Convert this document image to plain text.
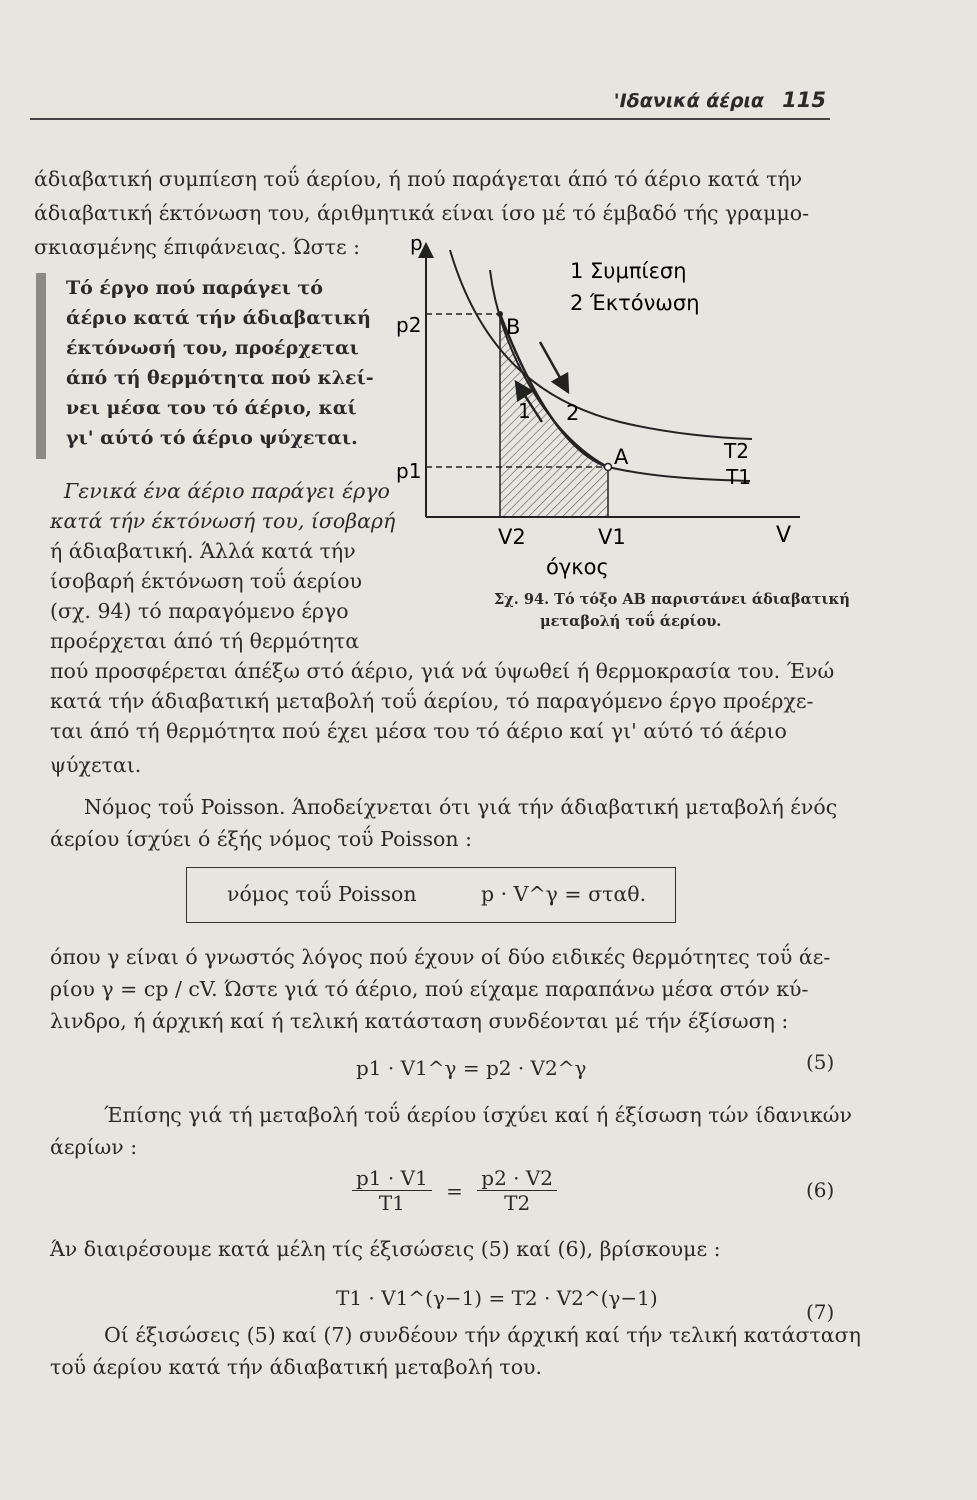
'Ιδανικά άέρια 115

άδιαβατική συμπίεση τοΰ άερίου, ή πού παράγεται άπό τό άέριο κατά τήν

άδιαβατική έκτόνωση του, άριθμητικά είναι ίσο μέ τό έμβαδό τής γραμμο-

σκιασμένης έπιφάνειας. Ώστε :

Τό έργο πού παράγει τό

άέριο κατά τήν άδιαβατική

έκτόνωσή του, προέρχεται

άπό τή θερμότητα πού κλεί-

νει μέσα του τό άέριο, καί

γι' αύτό τό άέριο ψύχεται.

Γενικά ένα άέριο παράγει έργο

κατά τήν έκτόνωσή του, ίσοβαρή

ή άδιαβατική. Άλλά κατά τήν

ίσοβαρή έκτόνωση τοΰ άερίου

(σχ. 94) τό παραγόμενο έργο

προέρχεται άπό τή θερμότητα

p
1 Συμπίεση
2 Έκτόνωση
B
p2
p1
1 2
T2
A
T1
V2	V1	V
όγκος

Σχ. 94. Τό τόξο ΑΒ παριστάνει άδιαβατική

μεταβολή τοΰ άερίου.

πού προσφέρεται άπέξω στό άέριο, γιά νά ύψωθεί ή θερμοκρασία του. Ένώ

κατά τήν άδιαβατική μεταβολή τοΰ άερίου, τό παραγόμενο έργο προέρχε-

ται άπό τή θερμότητα πού έχει μέσα του τό άέριο καί γι' αύτό τό άέριο

ψύχεται.

Νόμος τοΰ Poisson. Άποδείχνεται ότι γιά τήν άδιαβατική μεταβολή ένός

άερίου ίσχύει ό έξής νόμος τοΰ Poisson :

νόμος τοΰ Poisson	p · V^γ = σταθ.

όπου γ είναι ό γνωστός λόγος πού έχουν οί δύο ειδικές θερμότητες τοΰ άε-

ρίου γ = cp / cV. Ώστε γιά τό άέριο, πού είχαμε παραπάνω μέσα στόν κύ-

λινδρο, ή άρχική καί ή τελική κατάσταση συνδέονται μέ τήν έξίσωση :

p1 · V1^γ = p2 · V2^γ	(5)

Έπίσης γιά τή μεταβολή τοΰ άερίου ίσχύει καί ή έξίσωση τών ίδανικών

άερίων :

$\frac{p1 \cdot V1}{T1} = \frac{p2 \cdot V2}{T2}$	(6)

Άν διαιρέσουμε κατά μέλη τίς έξισώσεις (5) καί (6), βρίσκουμε :

T1 · V1^(γ−1) = T2 · V2^(γ−1)

(7)

Οί έξισώσεις (5) καί (7) συνδέουν τήν άρχική καί τήν τελική κατάσταση

τοΰ άερίου κατά τήν άδιαβατική μεταβολή του.
